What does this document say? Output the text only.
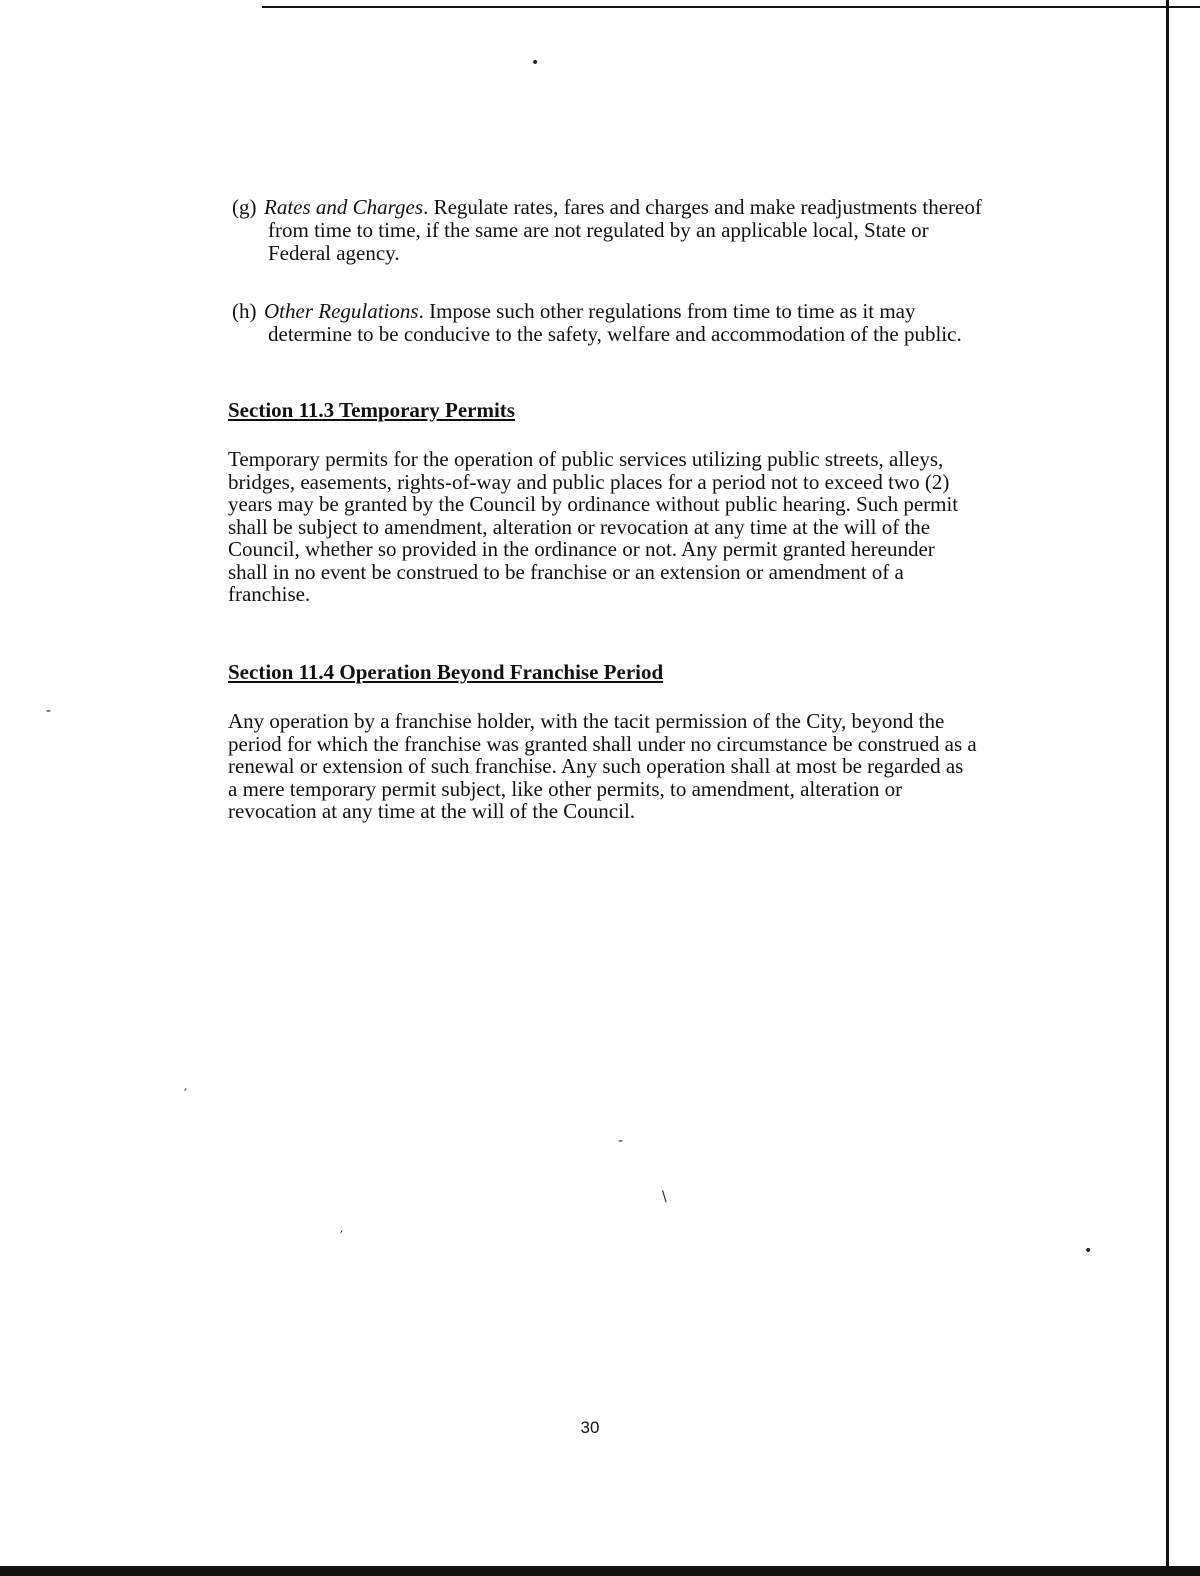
•
-
′
-
\
′
•
(g) Rates and Charges. Regulate rates, fares and charges and make readjustments thereof
from time to time, if the same are not regulated by an applicable local, State or
Federal agency.
(h) Other Regulations. Impose such other regulations from time to time as it may
determine to be conducive to the safety, welfare and accommodation of the public.
Section 11.3 Temporary Permits
Temporary permits for the operation of public services utilizing public streets, alleys,
bridges, easements, rights-of-way and public places for a period not to exceed two (2)
years may be granted by the Council by ordinance without public hearing. Such permit
shall be subject to amendment, alteration or revocation at any time at the will of the
Council, whether so provided in the ordinance or not. Any permit granted hereunder
shall in no event be construed to be franchise or an extension or amendment of a
franchise.
Section 11.4 Operation Beyond Franchise Period
Any operation by a franchise holder, with the tacit permission of the City, beyond the
period for which the franchise was granted shall under no circumstance be construed as a
renewal or extension of such franchise. Any such operation shall at most be regarded as
a mere temporary permit subject, like other permits, to amendment, alteration or
revocation at any time at the will of the Council.
30
